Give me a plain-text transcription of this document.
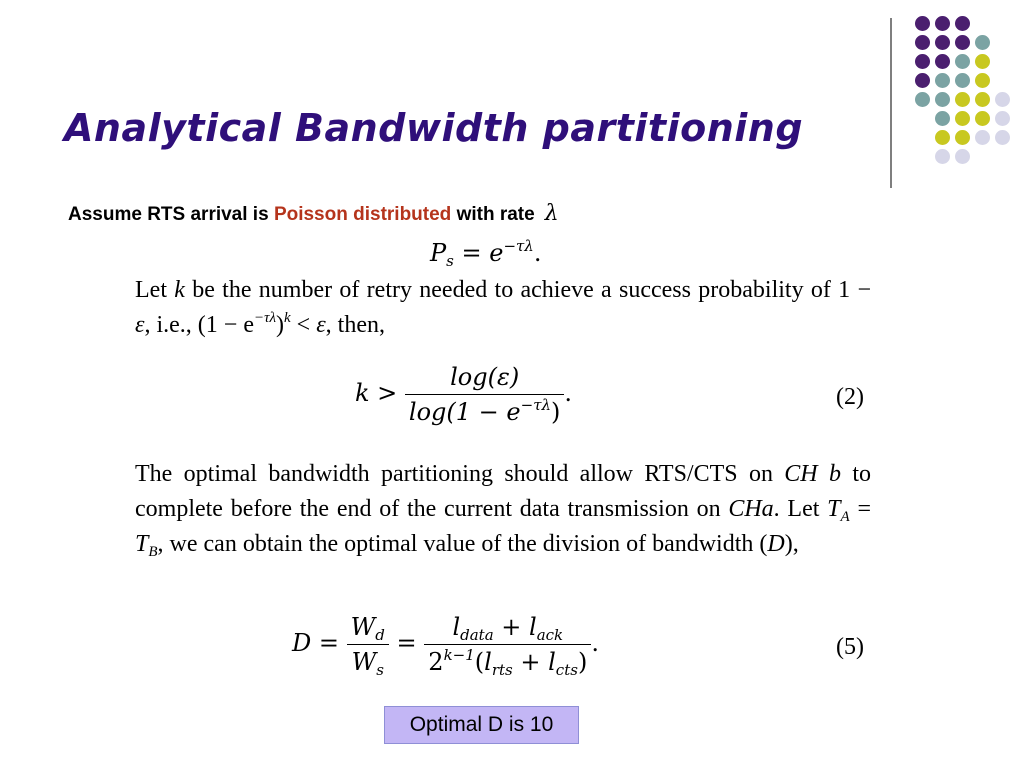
Analytical Bandwidth partitioning
Assume RTS arrival is Poisson distributed with rate λ
$P_s = e^{-\tau\lambda}$.

Let k be the number of retry needed to achieve a success probability of 1 − ε, i.e., $(1 - e^{-\tau\lambda})^k < \varepsilon$, then,

$k > \frac{\log(\varepsilon)}{\log(1 - e^{-\tau\lambda})}$ .	(2)

The optimal bandwidth partitioning should allow RTS/CTS on CH b to complete before the end of the current data transmission on CHa. Let $T_A = T_B$, we can obtain the optimal value of the division of bandwidth (D),

$D = \frac{W_d}{W_s} = \frac{l_{data} + l_{ack}}{2^{k-1}(l_{rts} + l_{cts})}$ .	(5)
Optimal D is 10
